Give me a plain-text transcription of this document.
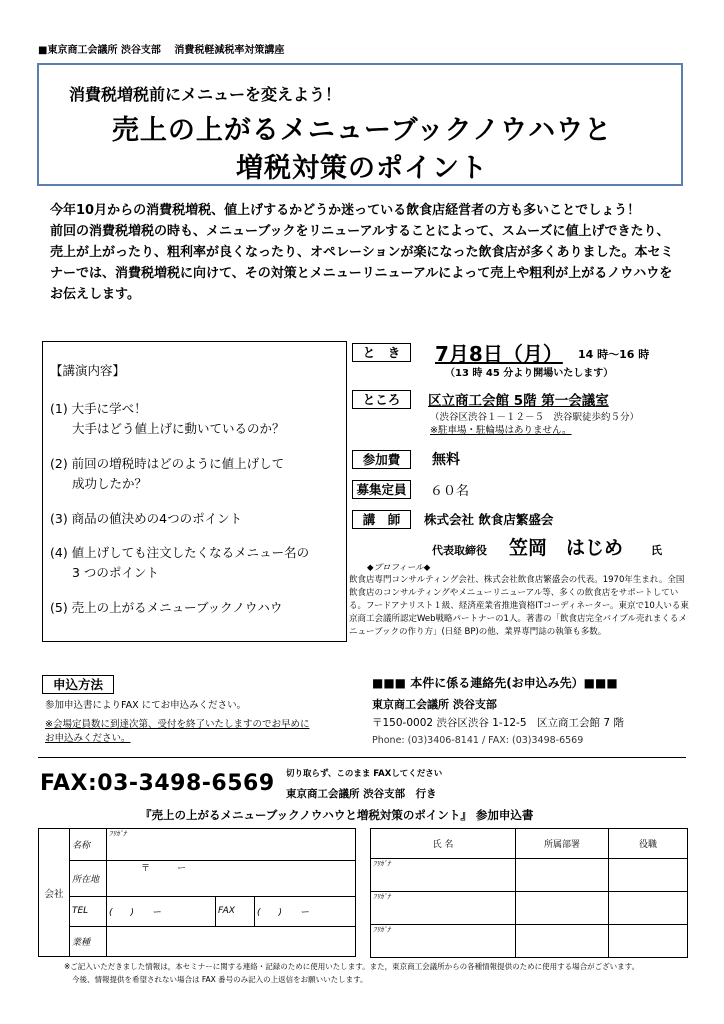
■東京商工会議所 渋谷支部　 消費税軽減税率対策講座
消費税増税前にメニューを変えよう！
売上の上がるメニューブックノウハウと
増税対策のポイント

今年10月からの消費税増税、値上げするかどうか迷っている飲食店経営者の方も多いことでしょう！

前回の消費税増税の時も、メニューブックをリニューアルすることによって、スムーズに値上げできたり、売上が上がったり、粗利率が良くなったり、オペレーションが楽になった飲食店が多くありました。本セミナーでは、消費税増税に向けて、その対策とメニューリニューアルによって売上や粗利が上がるノウハウをお伝えします。

【講演内容】
(1) 大手に学べ！
大手はどう値上げに動いているのか？
(2) 前回の増税時はどのように値上げして
成功したか？
(3) 商品の値決めの4つのポイント
(4) 値上げしても注文したくなるメニュー名の
3 つのポイント
(5) 売上の上がるメニューブックノウハウ
と　き	7月8日（月） 14 時～16 時
（13 時 45 分より開場いたします）
ところ	区立商工会館 5階 第一会議室
（渋谷区渋谷１－１２－５　渋谷駅徒歩約５分）
※駐車場・駐輪場はありません。
参加費	無料
募集定員	６０名
講　師	株式会社 飲食店繁盛会
代表取締役 笠岡　はじめ	氏
◆プロフィール◆
飲食店専門コンサルティング会社、株式会社飲食店繁盛会の代表。1970年生まれ。全国飲食店のコンサルティングやメニューリニューアル等、多くの飲食店をサポートしている。フードアナリスト１級、経済産業省推進資格ITコーディネーター。東京で10人いる東京商工会議所認定Web戦略パートナーの1人。著書の「飲食店完全バイブル売れまくるメニューブックの作り方」(日経 BP)の他、業界専門誌の執筆も多数。
申込方法
参加申込書によりFAX にてお申込みください。
※会場定員数に到達次第、受付を終了いたしますのでお早めに
お申込みください。
■■■ 本件に係る連絡先(お申込み先）■■■
東京商工会議所 渋谷支部
〒150-0002 渋谷区渋谷 1-12-5　区立商工会館 7 階
Phone: (03)3406-8141 / FAX: (03)3498-6569
FAX:03-3498-6569 切り取らず、このまま FAXしてください
東京商工会議所 渋谷支部　行き
『売上の上がるメニューブックノウハウと増税対策のポイント』 参加申込書
会社	名称	ﾌﾘｶﾞﾅ		
	所在地	〒　　　ー		
	TEL	(　　)　　ー	FAX	(　　)　　ー
	業種			
氏 名	所属部署	役職
ﾌﾘｶﾞﾅ		
ﾌﾘｶﾞﾅ		
ﾌﾘｶﾞﾅ		
※ご記入いただきました情報は，本セミナーに関する連絡・記録のために使用いたします。また，東京商工会議所からの各種情報提供のために使用する場合がございます。
今後、情報提供を希望されない場合は FAX 番号のみ記入の上返信をお願いいたします。
